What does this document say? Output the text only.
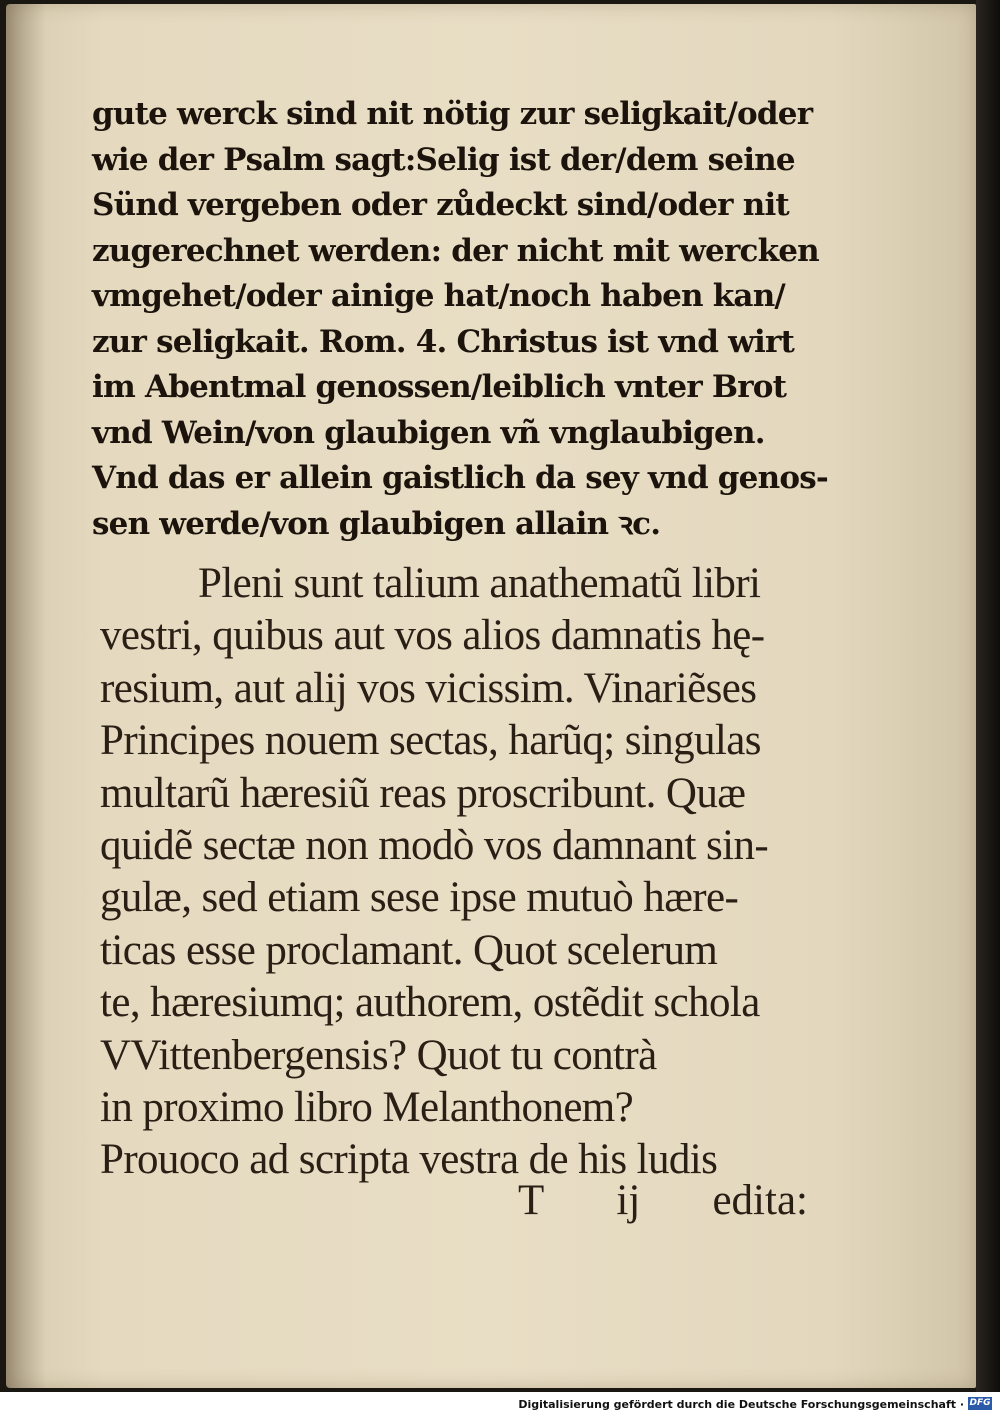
gute werck sind nit nötig zur seligkait/oder
wie der Psalm sagt:Selig ist der/dem seine
Sünd vergeben oder zůdeckt sind/oder nit
zugerechnet werden: der nicht mit wercken
vmgehet/oder ainige hat/noch haben kan/
zur seligkait. Rom. 4. Christus ist vnd wirt
im Abentmal genossen/leiblich vnter Brot
vnd Wein/von glaubigen vñ vnglaubigen.
Vnd das er allein gaistlich da sey vnd genos-
sen werde/von glaubigen allain ꝛc.
Pleni sunt talium anathematũ libri
vestri, quibus aut vos alios damnatis hę-
resium, aut alij vos vicissim. Vinariẽses
Principes nouem sectas, harũq; singulas
multarũ hæresiũ reas proscribunt. Quæ
quidẽ sectæ non modò vos damnant sin-
gulæ, sed etiam sese ipse mutuò hære-
ticas esse proclamant. Quot scelerum
te, hæresiumq; authorem, ostẽdit schola
VVittenbergensis? Quot tu contrà
in proximo libro Melanthonem?
Prouoco ad scripta vestra de his ludis
T ij edita:
Digitalisierung gefördert durch die Deutsche Forschungsgemeinschaft · DFG
